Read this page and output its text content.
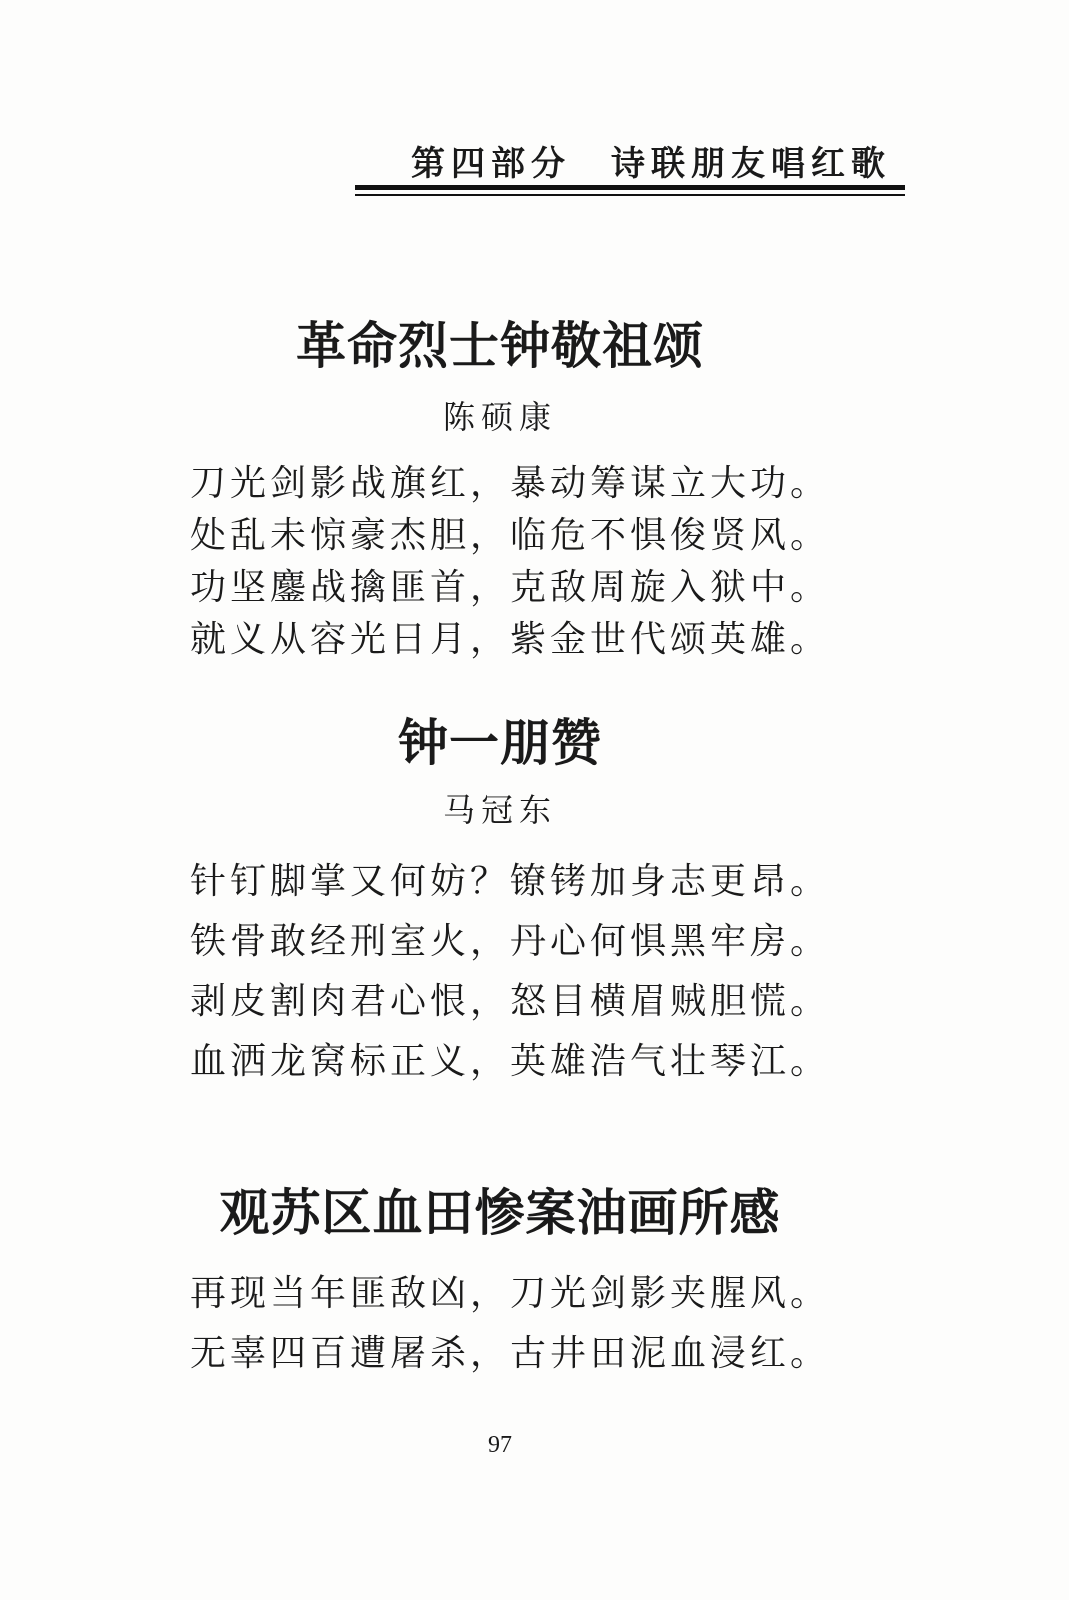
第四部分　诗联朋友唱红歌
革命烈士钟敬祖颂
陈硕康
刀光剑影战旗红，暴动筹谋立大功。
处乱未惊豪杰胆，临危不惧俊贤风。
功坚鏖战擒匪首，克敌周旋入狱中。
就义从容光日月，紫金世代颂英雄。
钟一朋赞
马冠东
针钉脚掌又何妨？镣铐加身志更昂。
铁骨敢经刑室火，丹心何惧黑牢房。
剥皮割肉君心恨，怒目横眉贼胆慌。
血洒龙窝标正义，英雄浩气壮琴江。
观苏区血田惨案油画所感
再现当年匪敌凶，刀光剑影夹腥风。
无辜四百遭屠杀，古井田泥血浸红。
97
